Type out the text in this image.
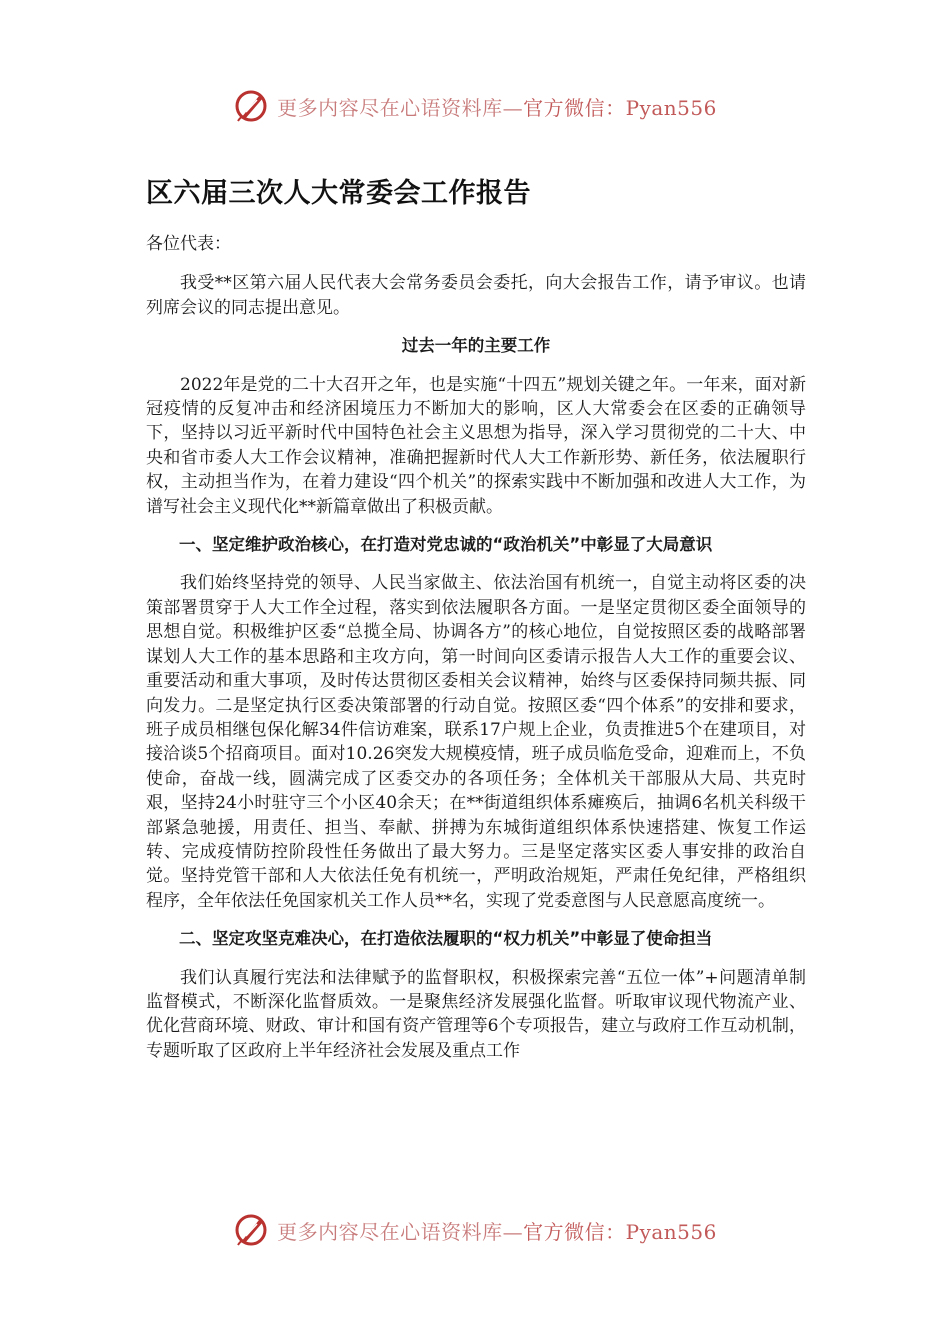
更多内容尽在心语资料库—官方微信：Pyan556
区六届三次人大常委会工作报告

各位代表：

我受**区第六届人民代表大会常务委员会委托，向大会报告工作，请予审议。也请列席会议的同志提出意见。

过去一年的主要工作

2022年是党的二十大召开之年，也是实施“十四五”规划关键之年。一年来，面对新冠疫情的反复冲击和经济困境压力不断加大的影响，区人大常委会在区委的正确领导下，坚持以习近平新时代中国特色社会主义思想为指导，深入学习贯彻党的二十大、中央和省市委人大工作会议精神，准确把握新时代人大工作新形势、新任务，依法履职行权，主动担当作为，在着力建设“四个机关”的探索实践中不断加强和改进人大工作，为谱写社会主义现代化**新篇章做出了积极贡献。

一、坚定维护政治核心，在打造对党忠诚的“政治机关”中彰显了大局意识

我们始终坚持党的领导、人民当家做主、依法治国有机统一，自觉主动将区委的决策部署贯穿于人大工作全过程，落实到依法履职各方面。一是坚定贯彻区委全面领导的思想自觉。积极维护区委“总揽全局、协调各方”的核心地位，自觉按照区委的战略部署谋划人大工作的基本思路和主攻方向，第一时间向区委请示报告人大工作的重要会议、重要活动和重大事项，及时传达贯彻区委相关会议精神，始终与区委保持同频共振、同向发力。二是坚定执行区委决策部署的行动自觉。按照区委“四个体系”的安排和要求，班子成员相继包保化解34件信访难案，联系17户规上企业，负责推进5个在建项目，对接洽谈5个招商项目。面对10.26突发大规模疫情，班子成员临危受命，迎难而上，不负使命，奋战一线，圆满完成了区委交办的各项任务；全体机关干部服从大局、共克时艰，坚持24小时驻守三个小区40余天；在**街道组织体系瘫痪后，抽调6名机关科级干部紧急驰援，用责任、担当、奉献、拼搏为东城街道组织体系快速搭建、恢复工作运转、完成疫情防控阶段性任务做出了最大努力。三是坚定落实区委人事安排的政治自觉。坚持党管干部和人大依法任免有机统一，严明政治规矩，严肃任免纪律，严格组织程序，全年依法任免国家机关工作人员**名，实现了党委意图与人民意愿高度统一。

二、坚定攻坚克难决心，在打造依法履职的“权力机关”中彰显了使命担当

我们认真履行宪法和法律赋予的监督职权，积极探索完善“五位一体”+问题清单制监督模式，不断深化监督质效。一是聚焦经济发展强化监督。听取审议现代物流产业、优化营商环境、财政、审计和国有资产管理等6个专项报告，建立与政府工作互动机制，专题听取了区政府上半年经济社会发展及重点工作

更多内容尽在心语资料库—官方微信：Pyan556
